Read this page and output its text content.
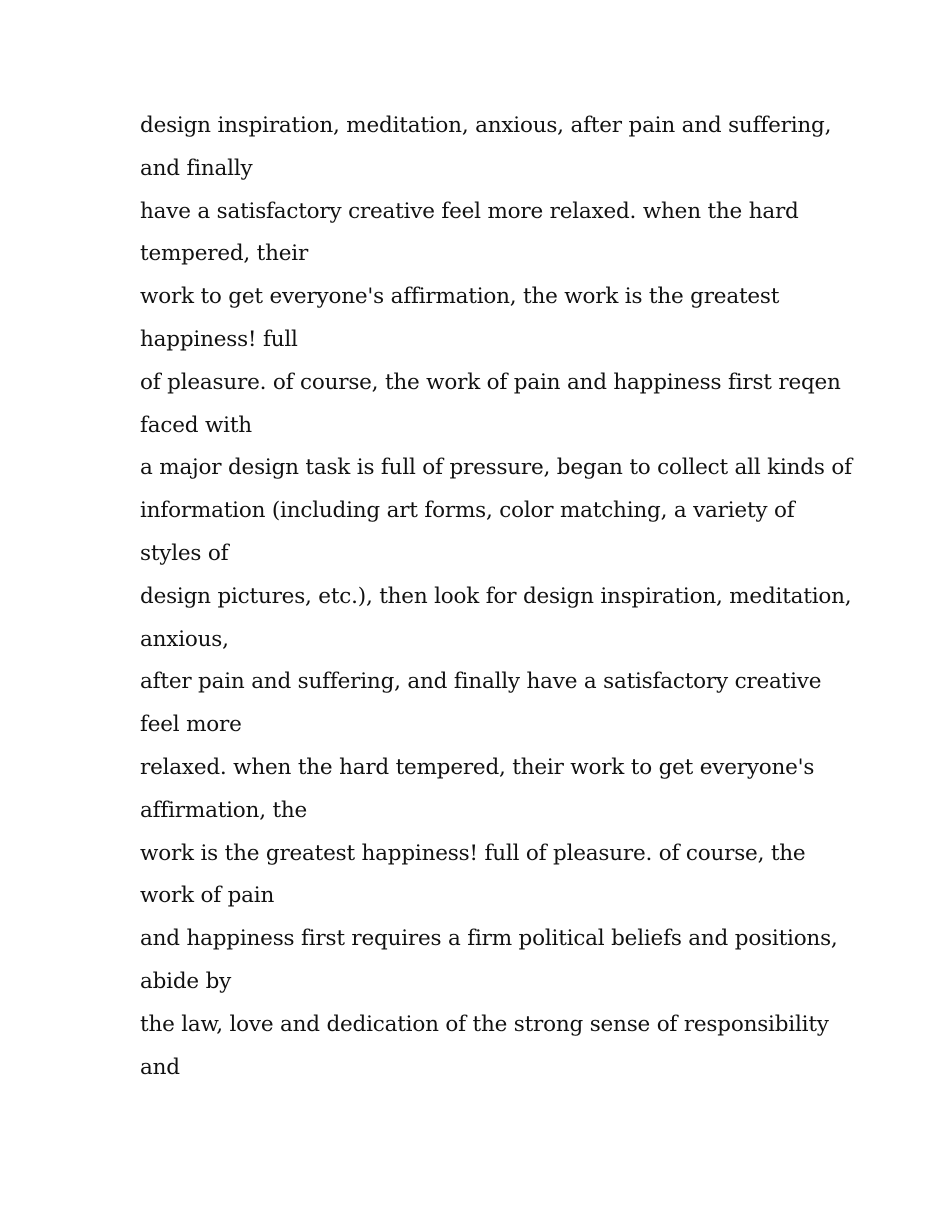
design inspiration, meditation, anxious, after pain and suffering,
and finally
have a satisfactory creative feel more relaxed. when the hard
tempered, their
work to get everyone's affirmation, the work is the greatest
happiness! full
of pleasure. of course, the work of pain and happiness first reqen
faced with
a major design task is full of pressure, began to collect all kinds of
information (including art forms, color matching, a variety of
styles of
design pictures, etc.), then look for design inspiration, meditation,
anxious,
after pain and suffering, and finally have a satisfactory creative
feel more
relaxed. when the hard tempered, their work to get everyone's
affirmation, the
work is the greatest happiness! full of pleasure. of course, the
work of pain
and happiness first requires a firm political beliefs and positions,
abide by
the law, love and dedication of the strong sense of responsibility
and
